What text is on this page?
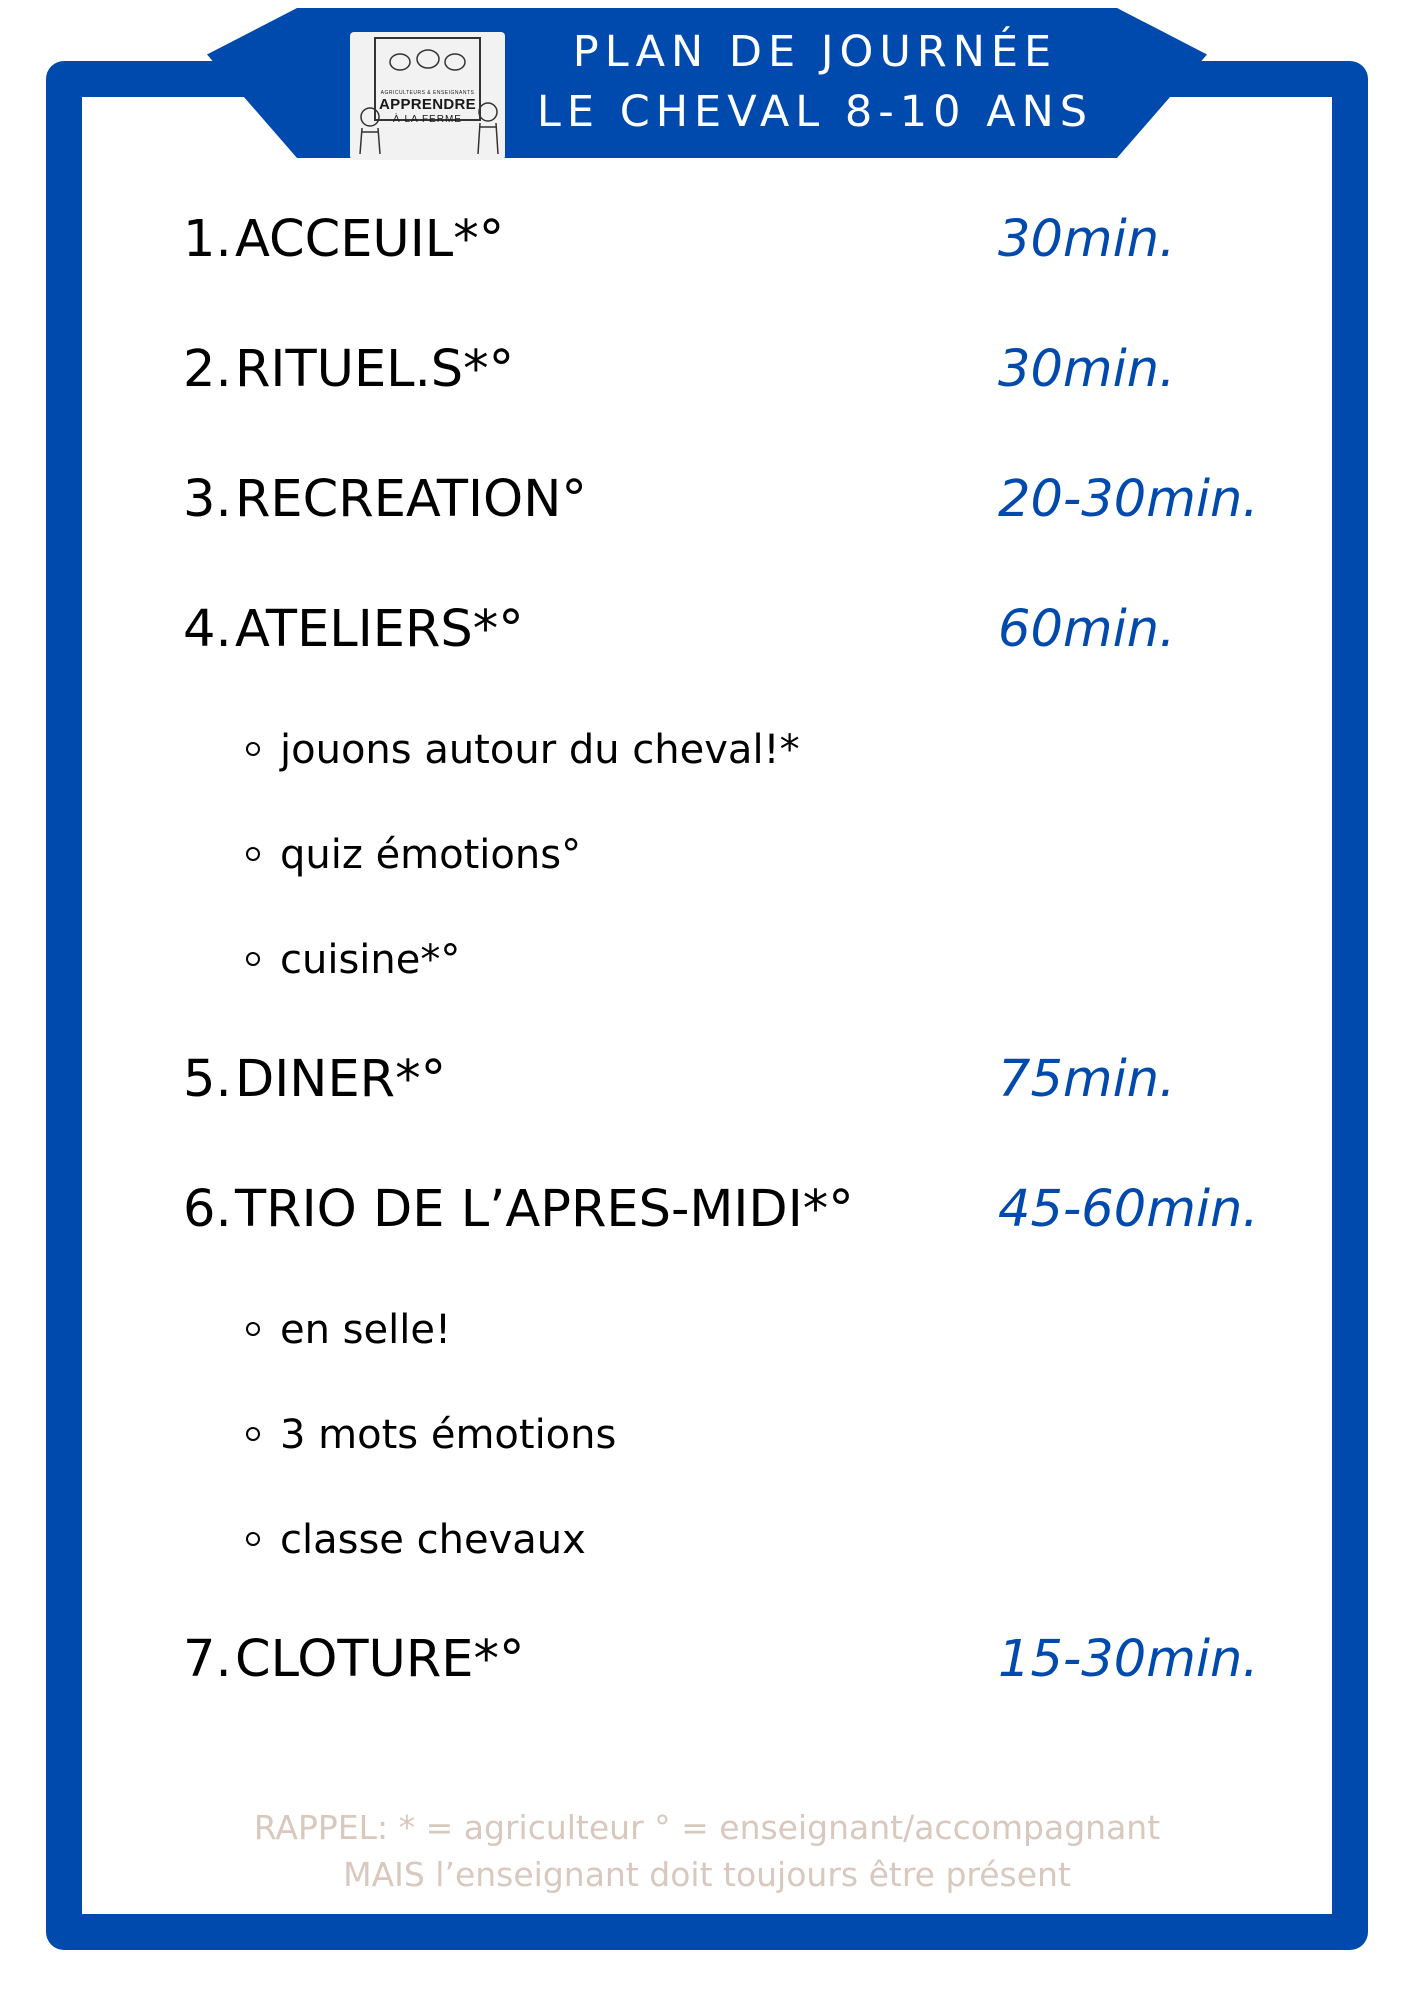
AGRICULTEURS & ENSEIGNANTS
APPRENDRE
À LA FERME
PLAN DE JOURNÉE
LE CHEVAL 8-10 ANS
1.ACCEUIL*°	30min.
2.RITUEL.S*°	30min.
3.RECREATION°	20-30min.
4.ATELIERS*°	60min.
jouons autour du cheval!*
quiz émotions°
cuisine*°
5.DINER*°	75min.
6.TRIO DE L’APRES-MIDI*°	45-60min.
en selle!
3 mots émotions
classe chevaux
7.CLOTURE*°	15-30min.
RAPPEL: * = agriculteur ° = enseignant/accompagnant
MAIS l’enseignant doit toujours être présent
